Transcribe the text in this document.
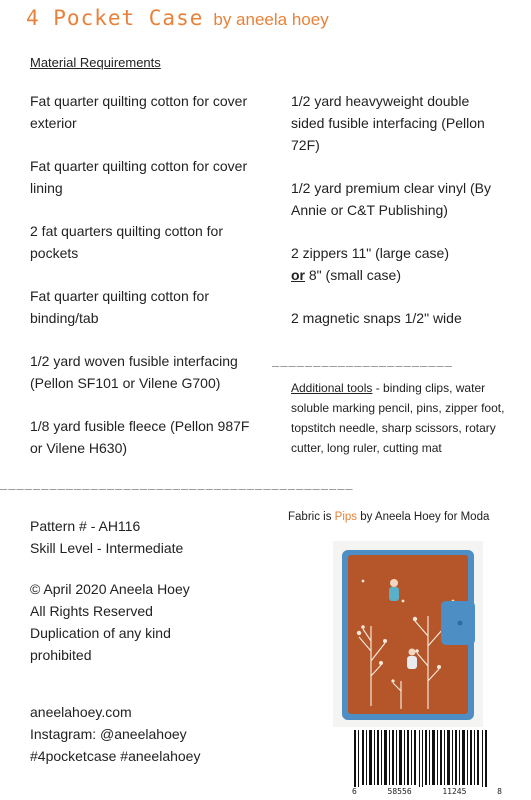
4 Pocket Case by aneela hoey
Material Requirements

Fat quarter quilting cotton for cover exterior

Fat quarter quilting cotton for cover lining

2 fat quarters quilting cotton for pockets

Fat quarter quilting cotton for binding/tab

1/2 yard woven fusible interfacing (Pellon SF101 or Vilene G700)

1/8 yard fusible fleece (Pellon 987F or Vilene H630)

1/2 yard heavyweight double sided fusible interfacing (Pellon 72F)

1/2 yard premium clear vinyl (By Annie or C&T Publishing)

2 zippers 11" (large case)
or 8" (small case)

2 magnetic snaps 1/2" wide

______________________
Additional tools - binding clips, water soluble marking pencil, pins, zipper foot, topstitch needle, sharp scissors, rotary cutter, long ruler, cutting mat
___________________________________________
Pattern # - AH116
Skill Level - Intermediate
© April 2020 Aneela Hoey
All Rights Reserved
Duplication of any kind
prohibited
aneelahoey.com
Instagram: @aneelahoey
#4pocketcase #aneelahoey
Fabric is Pips by Aneela Hoey for Moda
6	58556	11245	8
